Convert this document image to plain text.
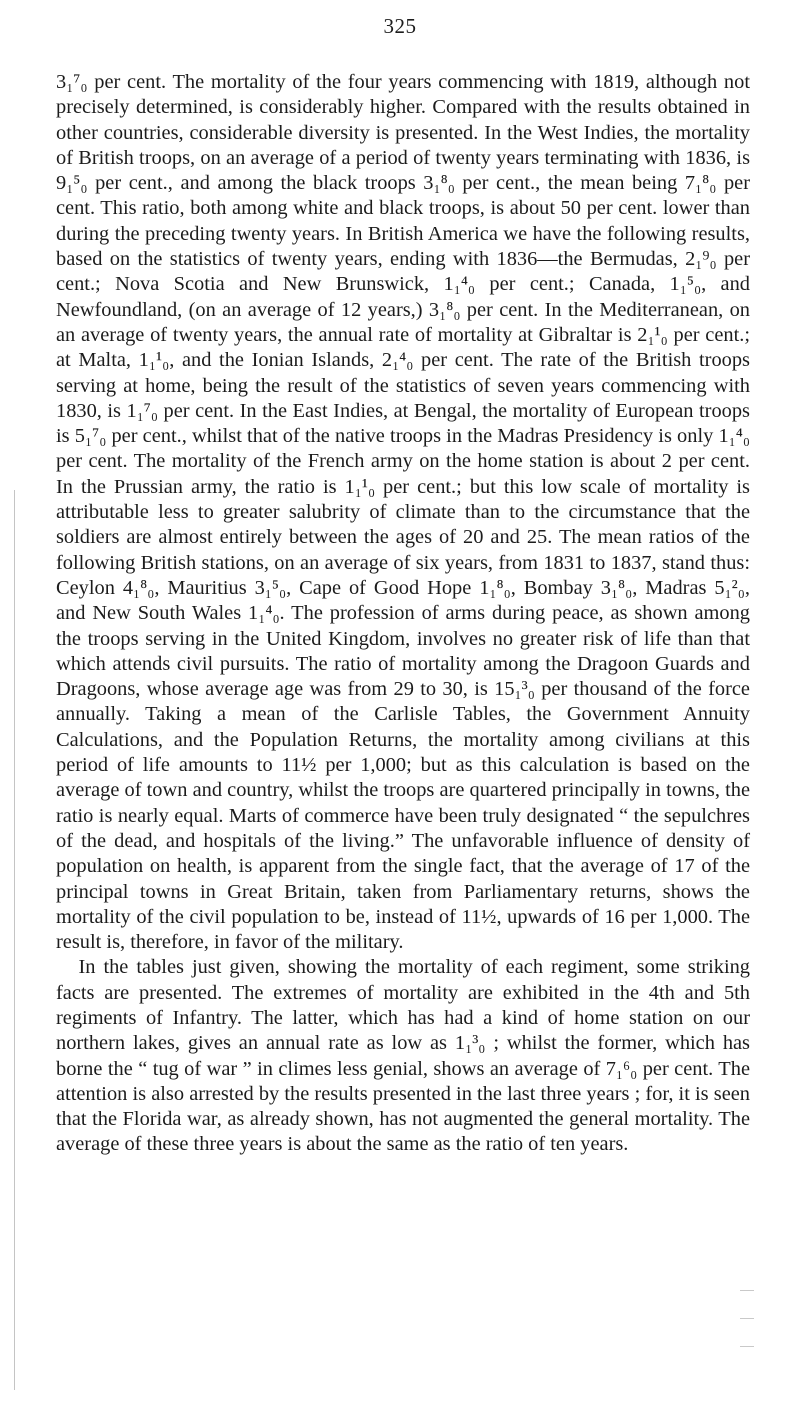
325

3₁⁷₀ per cent. The mortality of the four years commencing with 1819, although not precisely determined, is considerably higher. Compared with the results obtained in other countries, considerable diversity is presented. In the West Indies, the mortality of British troops, on an average of a period of twenty years terminating with 1836, is 9₁⁵₀ per cent., and among the black troops 3₁⁸₀ per cent., the mean being 7₁⁸₀ per cent. This ratio, both among white and black troops, is about 50 per cent. lower than during the preceding twenty years. In British America we have the following results, based on the statistics of twenty years, ending with 1836—the Bermudas, 2₁⁹₀ per cent.; Nova Scotia and New Brunswick, 1₁⁴₀ per cent.; Canada, 1₁⁵₀, and Newfoundland, (on an average of 12 years,) 3₁⁸₀ per cent. In the Mediterranean, on an average of twenty years, the annual rate of mortality at Gibraltar is 2₁¹₀ per cent.; at Malta, 1₁¹₀, and the Ionian Islands, 2₁⁴₀ per cent. The rate of the British troops serving at home, being the result of the statistics of seven years commencing with 1830, is 1₁⁷₀ per cent. In the East Indies, at Bengal, the mortality of European troops is 5₁⁷₀ per cent., whilst that of the native troops in the Madras Presidency is only 1₁⁴₀ per cent. The mortality of the French army on the home station is about 2 per cent. In the Prussian army, the ratio is 1₁¹₀ per cent.; but this low scale of mortality is attributable less to greater salubrity of climate than to the circumstance that the soldiers are almost entirely between the ages of 20 and 25. The mean ratios of the following British stations, on an average of six years, from 1831 to 1837, stand thus: Ceylon 4₁⁸₀, Mauritius 3₁⁵₀, Cape of Good Hope 1₁⁸₀, Bombay 3₁⁸₀, Madras 5₁²₀, and New South Wales 1₁⁴₀. The profession of arms during peace, as shown among the troops serving in the United Kingdom, involves no greater risk of life than that which attends civil pursuits. The ratio of mortality among the Dragoon Guards and Dragoons, whose average age was from 29 to 30, is 15₁³₀ per thousand of the force annually. Taking a mean of the Carlisle Tables, the Government Annuity Calculations, and the Population Returns, the mortality among civilians at this period of life amounts to 11½ per 1,000; but as this calculation is based on the average of town and country, whilst the troops are quartered principally in towns, the ratio is nearly equal. Marts of commerce have been truly designated “ the sepulchres of the dead, and hospitals of the living.” The unfavorable influence of density of population on health, is apparent from the single fact, that the average of 17 of the principal towns in Great Britain, taken from Parliamentary returns, shows the mortality of the civil population to be, instead of 11½, upwards of 16 per 1,000. The result is, therefore, in favor of the military.

In the tables just given, showing the mortality of each regiment, some striking facts are presented. The extremes of mortality are exhibited in the 4th and 5th regiments of Infantry. The latter, which has had a kind of home station on our northern lakes, gives an annual rate as low as 1₁³₀ ; whilst the former, which has borne the “ tug of war ” in climes less genial, shows an average of 7₁⁶₀ per cent. The attention is also arrested by the results presented in the last three years ; for, it is seen that the Florida war, as already shown, has not augmented the general mortality. The average of these three years is about the same as the ratio of ten years.
